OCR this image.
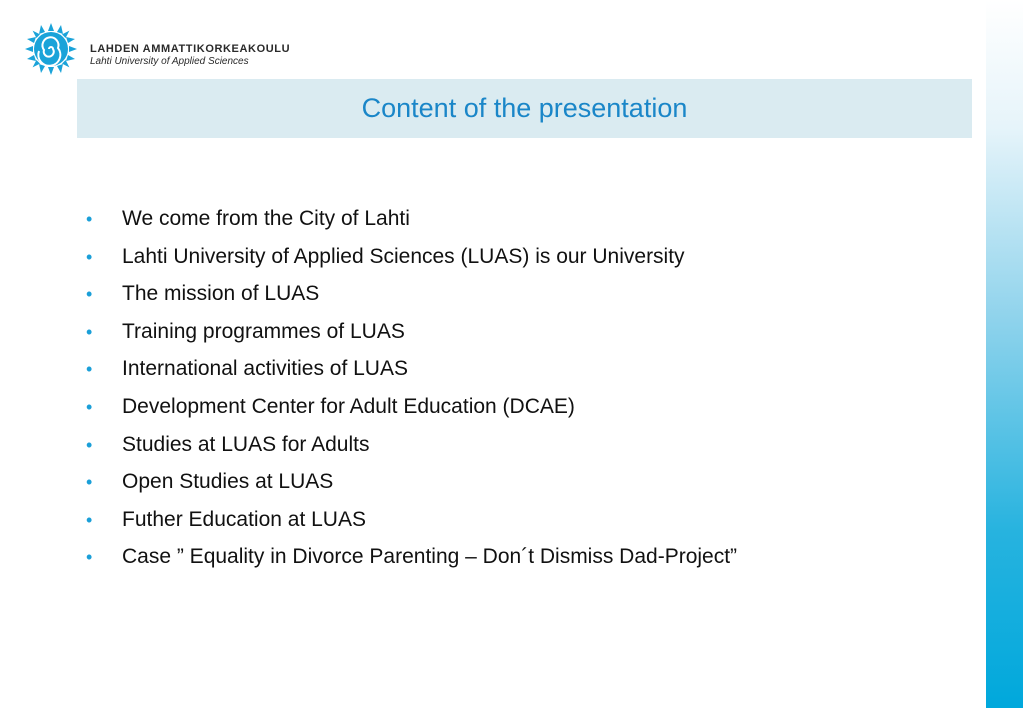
LAHDEN AMMATTIKORKEAKOULU

Lahti University of Applied Sciences

Content of the presentation
• We come from the City of Lahti
• Lahti University of Applied Sciences (LUAS) is our University
• The mission of LUAS
• Training programmes of LUAS
• International activities of LUAS
• Development Center for Adult Education (DCAE)
• Studies at LUAS for Adults
• Open Studies at LUAS
• Futher Education at LUAS
• Case ” Equality in Divorce Parenting – Don´t Dismiss Dad-Project”
